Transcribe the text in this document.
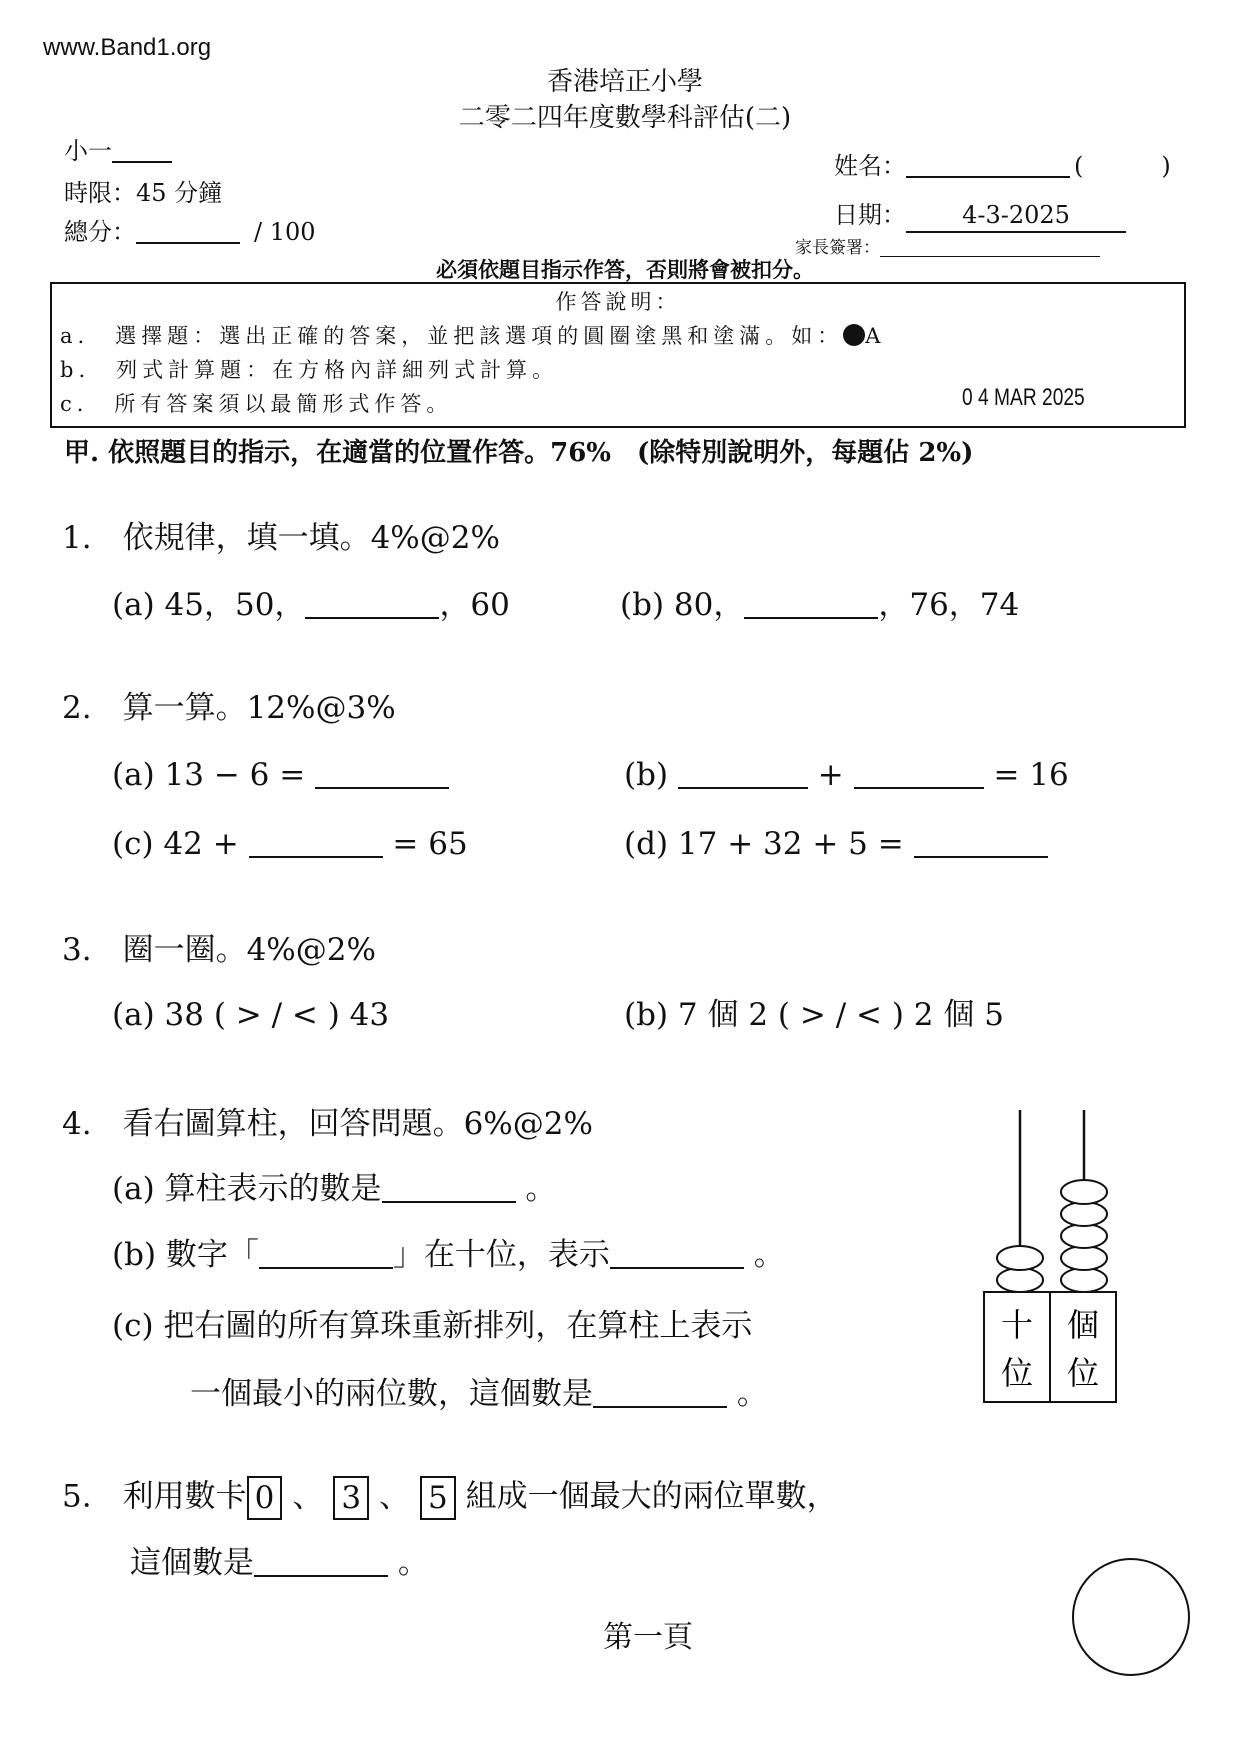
www.Band1.org
香港培正小學
二零二四年度數學科評估(二)
小一
時限：45 分鐘
總分：	/ 100
姓名：	(　　)
日期： 4-3-2025
家長簽署：
必須依題目指示作答，否則將會被扣分。
作答說明：
a.　選擇題：選出正確的答案，並把該選項的圓圈塗黑和塗滿。如： A
b.　列式計算題：在方格內詳細列式計算。
c.　所有答案須以最簡形式作答。	0 4 MAR 2025
甲. 依照題目的指示，在適當的位置作答。76%　(除特別說明外，每題佔 2%)
1.　依規律，填一填。4%@2%
(a) 45，50，	，60	(b) 80，	，76，74
2.　算一算。12%@3%
(a) 13 − 6 =	(b)	+	= 16
(c) 42 +	= 65	(d) 17 + 32 + 5 =
3.　圈一圈。4%@2%
(a) 38 ( > / < ) 43	(b) 7 個 2 ( > / < ) 2 個 5
4.　看右圖算柱，回答問題。6%@2%
(a) 算柱表示的數是	。
(b) 數字「	」在十位，表示	。
(c) 把右圖的所有算珠重新排列，在算柱上表示
一個最小的兩位數，這個數是	。
十
位
個
位
5.　利用數卡 0 、 3 、 5 組成一個最大的兩位單數，
這個數是	。
第一頁
